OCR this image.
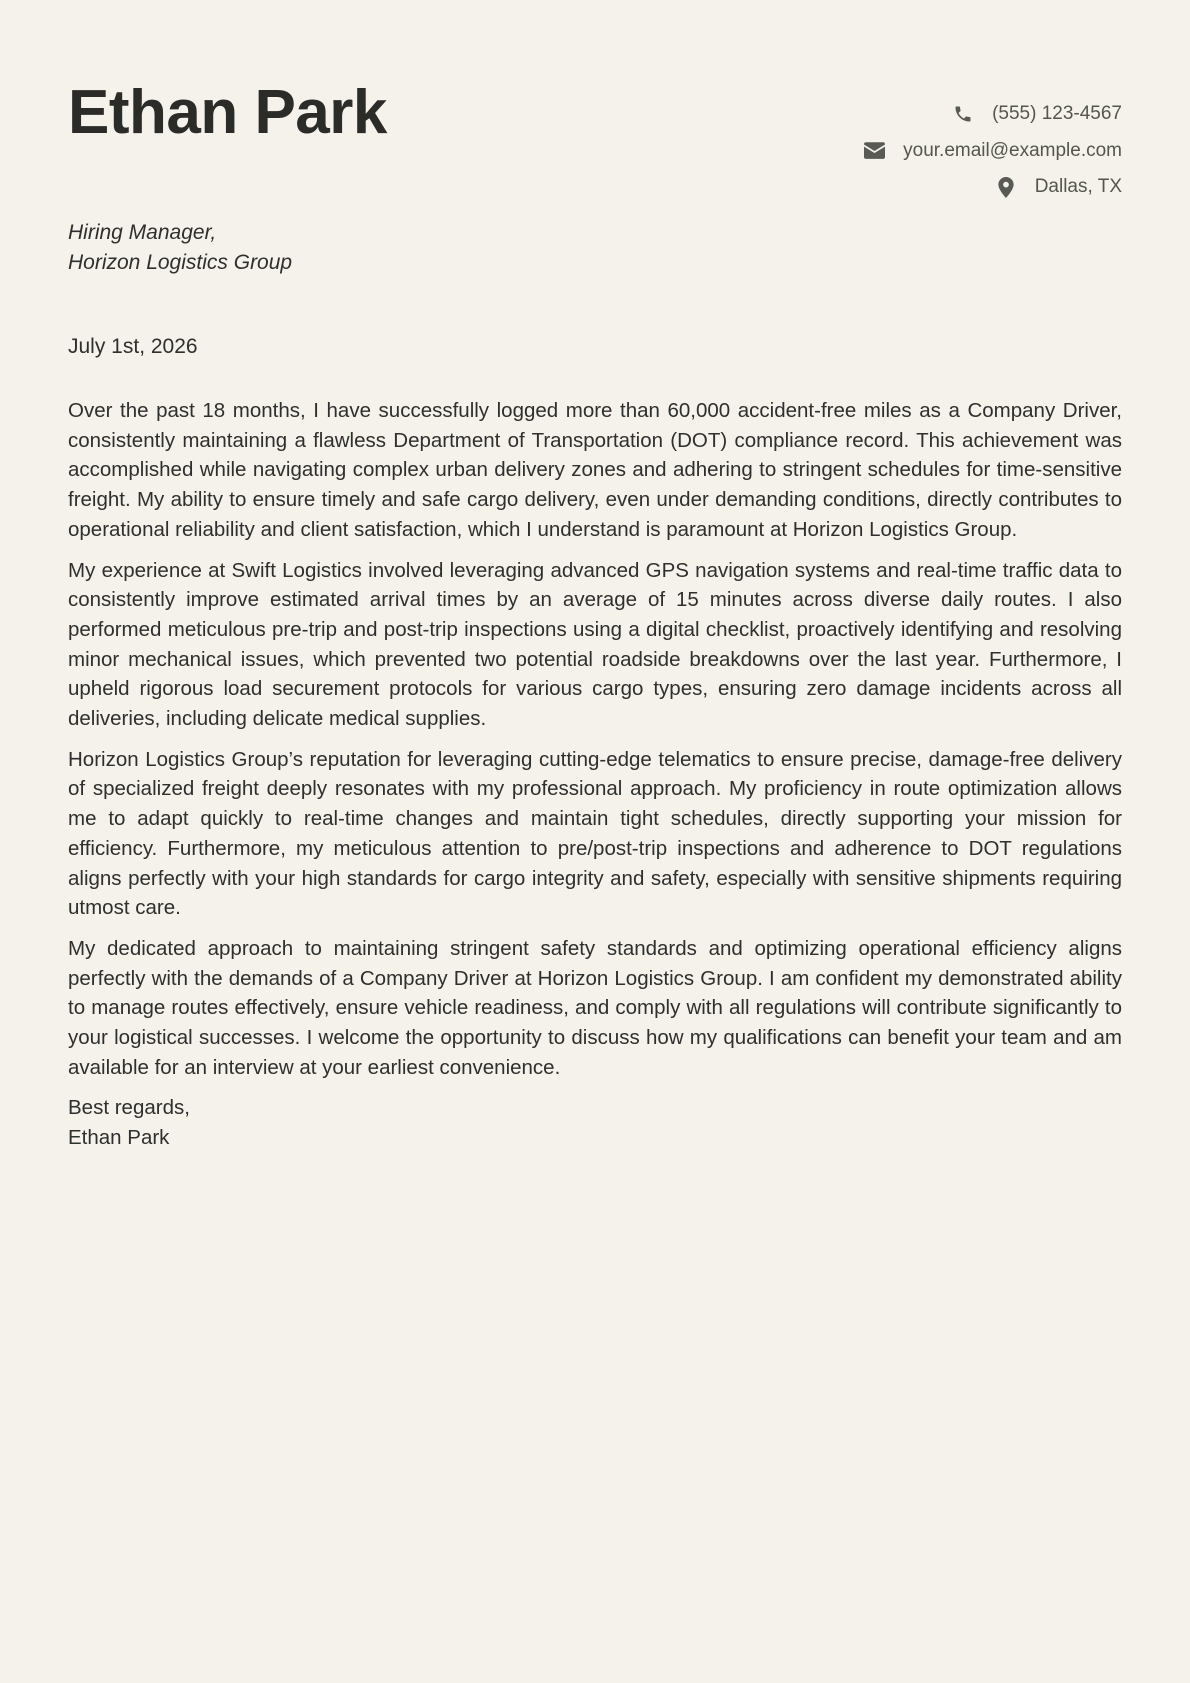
Ethan Park	(555) 123-4567
your.email@example.com
Dallas, TX
Hiring Manager,
Horizon Logistics Group
July 1st, 2026

Over the past 18 months, I have successfully logged more than 60,000 accident-free miles as a Company Driver, consistently maintaining a flawless Department of Transportation (DOT) compliance record. This achievement was accomplished while navigating complex urban delivery zones and adhering to stringent schedules for time-sensitive freight. My ability to ensure timely and safe cargo delivery, even under demanding conditions, directly contributes to operational reliability and client satisfaction, which I understand is paramount at Horizon Logistics Group.

My experience at Swift Logistics involved leveraging advanced GPS navigation systems and real-time traffic data to consistently improve estimated arrival times by an average of 15 minutes across diverse daily routes. I also performed meticulous pre-trip and post-trip inspections using a digital checklist, proactively identifying and resolving minor mechanical issues, which prevented two potential roadside breakdowns over the last year. Furthermore, I upheld rigorous load securement protocols for various cargo types, ensuring zero damage incidents across all deliveries, including delicate medical supplies.

Horizon Logistics Group’s reputation for leveraging cutting-edge telematics to ensure precise, damage-free delivery of specialized freight deeply resonates with my professional approach. My proficiency in route optimization allows me to adapt quickly to real-time changes and maintain tight schedules, directly supporting your mission for efficiency. Furthermore, my meticulous attention to pre/post-trip inspections and adherence to DOT regulations aligns perfectly with your high standards for cargo integrity and safety, especially with sensitive shipments requiring utmost care.

My dedicated approach to maintaining stringent safety standards and optimizing operational efficiency aligns perfectly with the demands of a Company Driver at Horizon Logistics Group. I am confident my demonstrated ability to manage routes effectively, ensure vehicle readiness, and comply with all regulations will contribute significantly to your logistical successes. I welcome the opportunity to discuss how my qualifications can benefit your team and am available for an interview at your earliest convenience.

Best regards,
Ethan Park
